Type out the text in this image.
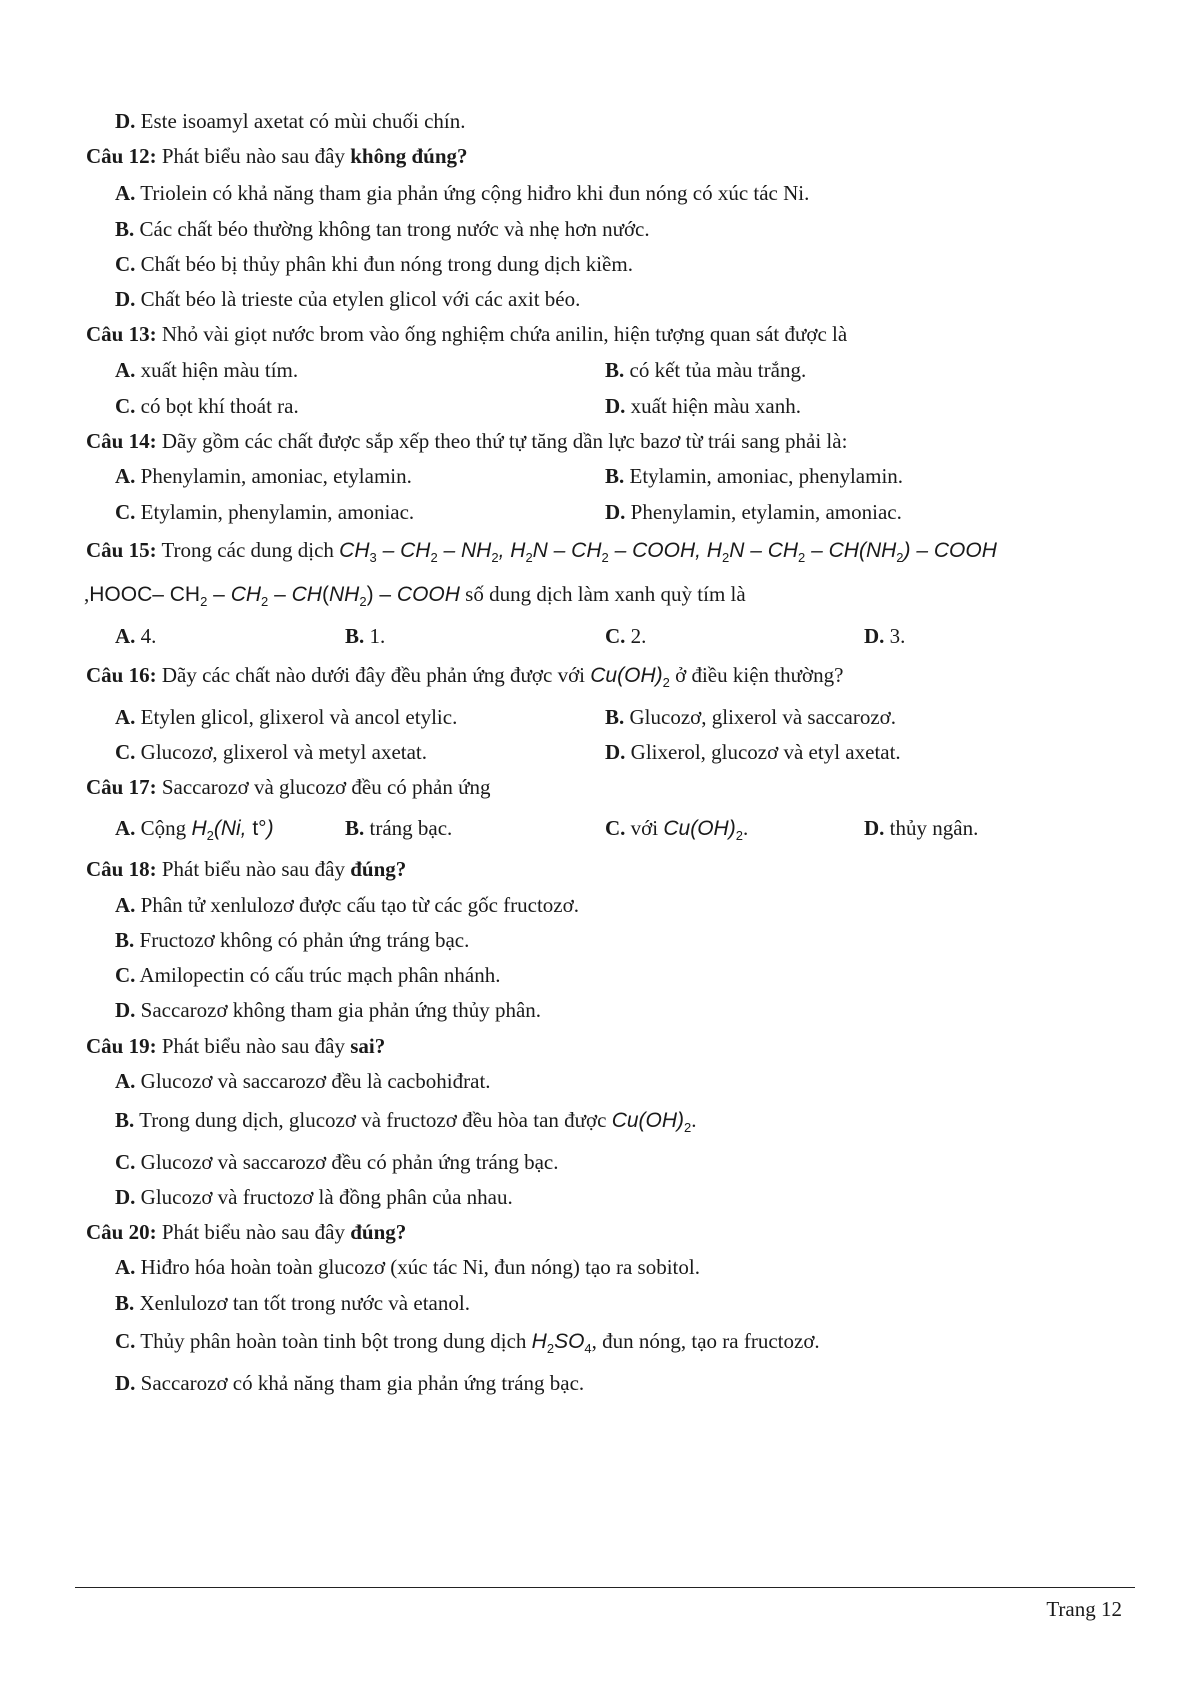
D. Este isoamyl axetat có mùi chuối chín.
Câu 12: Phát biểu nào sau đây không đúng?
A. Triolein có khả năng tham gia phản ứng cộng hiđro khi đun nóng có xúc tác Ni.
B. Các chất béo thường không tan trong nước và nhẹ hơn nước.
C. Chất béo bị thủy phân khi đun nóng trong dung dịch kiềm.
D. Chất béo là trieste của etylen glicol với các axit béo.
Câu 13: Nhỏ vài giọt nước brom vào ống nghiệm chứa anilin, hiện tượng quan sát được là
A. xuất hiện màu tím.	B. có kết tủa màu trắng.
C. có bọt khí thoát ra.	D. xuất hiện màu xanh.
Câu 14: Dãy gồm các chất được sắp xếp theo thứ tự tăng dần lực bazơ từ trái sang phải là:
A. Phenylamin, amoniac, etylamin.	B. Etylamin, amoniac, phenylamin.
C. Etylamin, phenylamin, amoniac.	D. Phenylamin, etylamin, amoniac.
Câu 15: Trong các dung dịch $CH_3 - CH_2 - NH_2$, $H_2N - CH_2$ – COOH, $H_2N - CH_2 - CH(NH_2)$ – COOH
,HOOC– $CH_2 - CH_2 - CH(NH_2)$ – COOH số dung dịch làm xanh quỳ tím là
A. 4.	B. 1.	C. 2.	D. 3.
Câu 16: Dãy các chất nào dưới đây đều phản ứng được với $Cu(OH)_2$ ở điều kiện thường?
A. Etylen glicol, glixerol và ancol etylic.	B. Glucozơ, glixerol và saccarozơ.
C. Glucozơ, glixerol và metyl axetat.	D. Glixerol, glucozơ và etyl axetat.
Câu 17: Saccarozơ và glucozơ đều có phản ứng
A. Cộng $H_2(Ni$, t°)	B. tráng bạc.	C. với $Cu(OH)_2$.	D. thủy ngân.
Câu 18: Phát biểu nào sau đây đúng?
A. Phân tử xenlulozơ được cấu tạo từ các gốc fructozơ.
B. Fructozơ không có phản ứng tráng bạc.
C. Amilopectin có cấu trúc mạch phân nhánh.
D. Saccarozơ không tham gia phản ứng thủy phân.
Câu 19: Phát biểu nào sau đây sai?
A. Glucozơ và saccarozơ đều là cacbohiđrat.
B. Trong dung dịch, glucozơ và fructozơ đều hòa tan được $Cu(OH)_2$.
C. Glucozơ và saccarozơ đều có phản ứng tráng bạc.
D. Glucozơ và fructozơ là đồng phân của nhau.
Câu 20: Phát biểu nào sau đây đúng?
A. Hiđro hóa hoàn toàn glucozơ (xúc tác Ni, đun nóng) tạo ra sobitol.
B. Xenlulozơ tan tốt trong nước và etanol.
C. Thủy phân hoàn toàn tinh bột trong dung dịch $H_2SO_4$, đun nóng, tạo ra fructozơ.
D. Saccarozơ có khả năng tham gia phản ứng tráng bạc.
Trang 12
